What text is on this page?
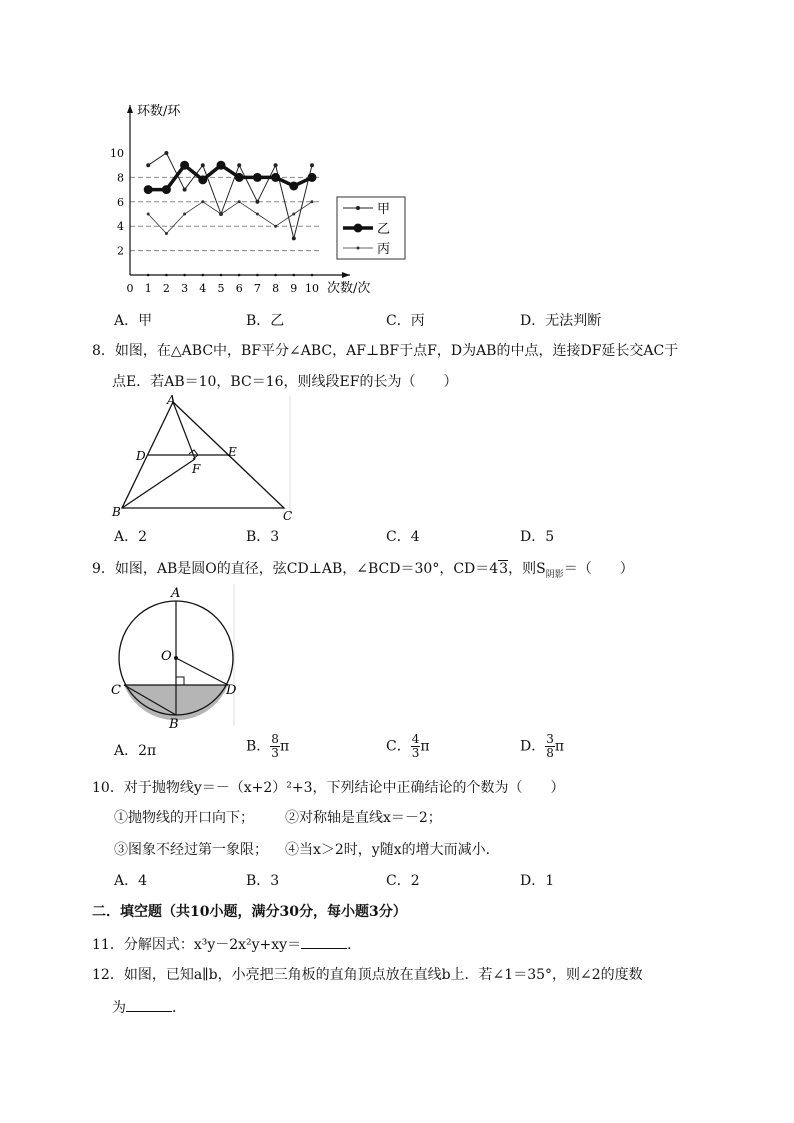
0 1 2 3 4 5 6 7 8 9 10
2
4
6
8
10
环数/环
次数/次
甲
乙
丙
A．甲	B．乙	C．丙	D．无法判断
8．如图，在△ABC中，BF平分∠ABC，AF⊥BF于点F，D为AB的中点，连接DF延长交AC于
点E．若AB＝10，BC＝16，则线段EF的长为（　　）
A
D	E
F
B	C
A．2	B．3	C．4	D．5
9．如图，AB是圆O的直径，弦CD⊥AB，∠BCD＝30°，CD＝43，则$S_{阴影}=$（　　）
A
O
C	D
B
A．2π	B． $\frac{8}{3}$ π	C． $\frac{4}{3}$ π	D． $\frac{3}{8}$ π
10．对于抛物线y＝－（x+2）²+3，下列结论中正确结论的个数为（　　）
①抛物线的开口向下； ②对称轴是直线x＝－2；
③图象不经过第一象限； ④当x＞2时，y随x的增大而减小．
A．4	B．3	C．2	D．1
二．填空题（共10小题，满分30分，每小题3分）
11．分解因式：x³y－2x²y+xy＝	．
12．如图，已知a∥b，小亮把三角板的直角顶点放在直线b上．若∠1＝35°，则∠2的度数
为	．
